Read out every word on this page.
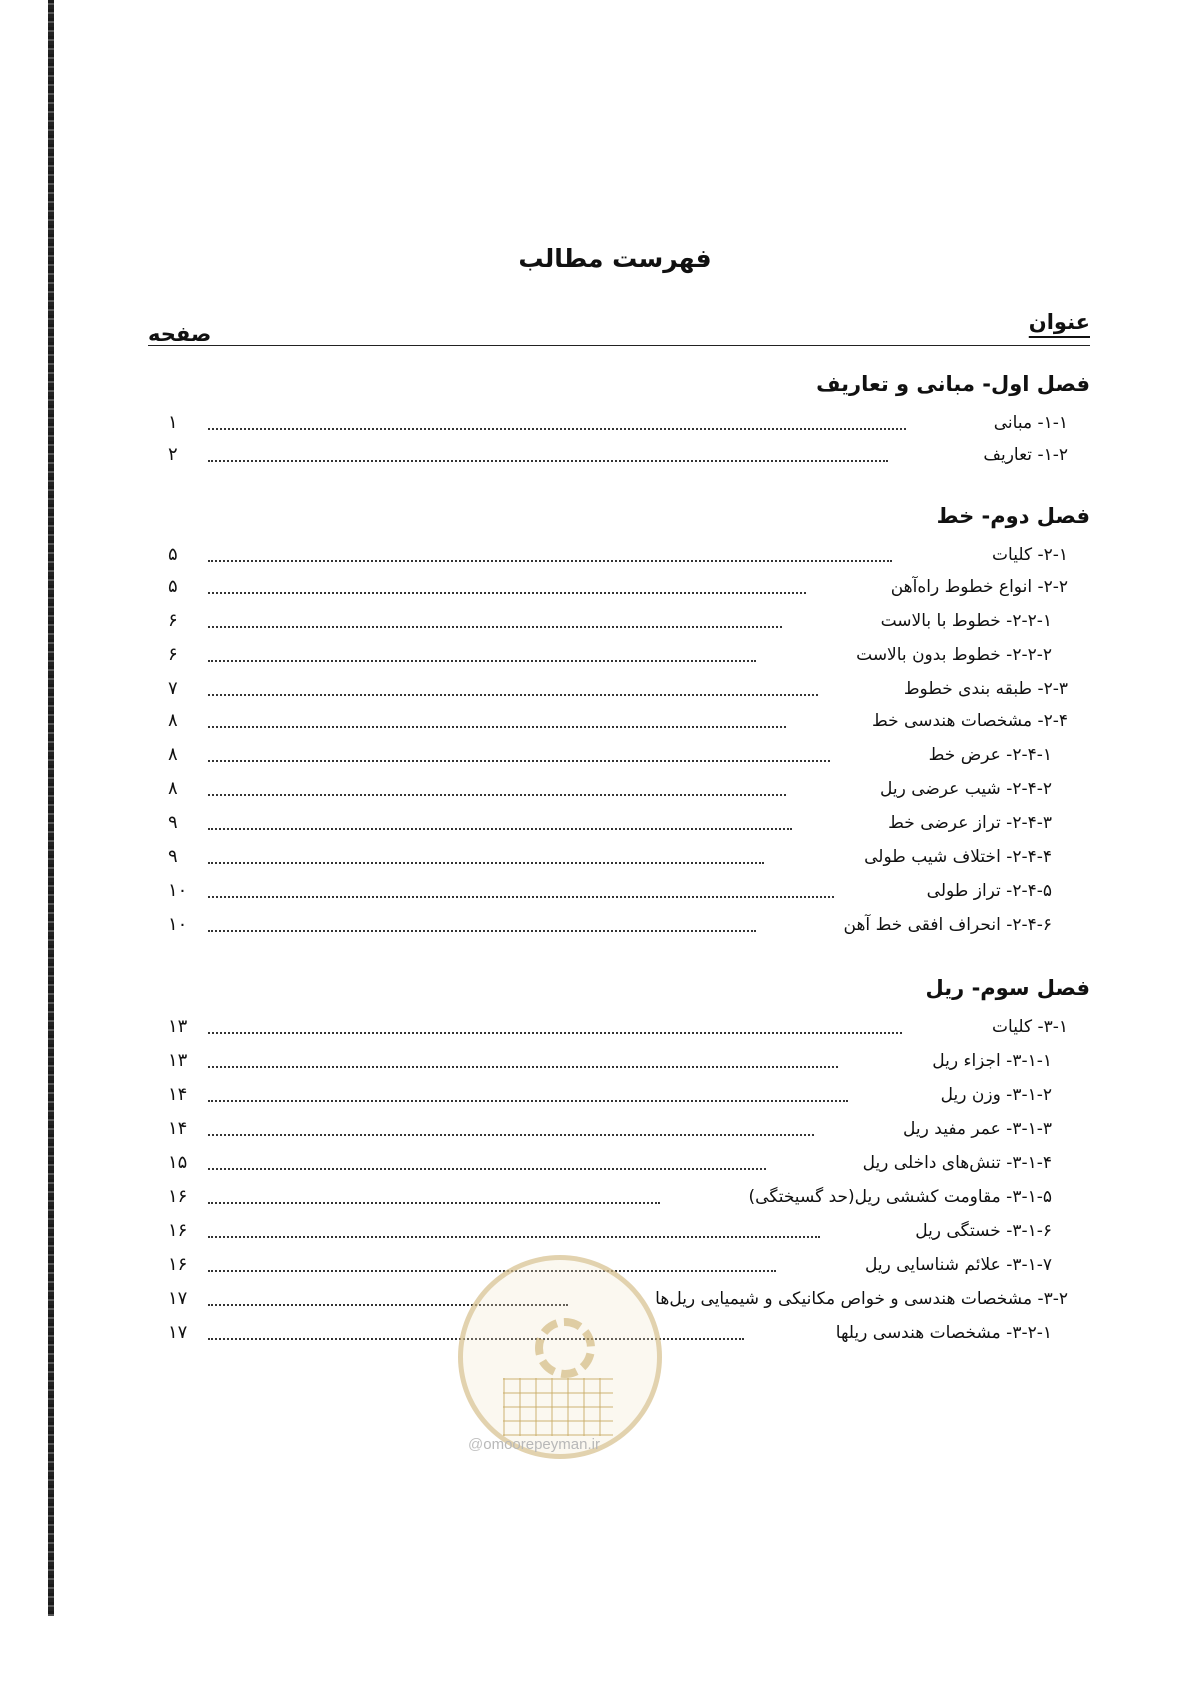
فهرست مطالب
عنوان
صفحه
فصل اول- مبانی و تعاریف
۱	۱-۱- مبانی
۲	۱-۲- تعاریف
فصل دوم- خط
۵	۲-۱- کلیات
۵	۲-۲- انواع خطوط راه‌آهن
۶	۲-۲-۱- خطوط با بالاست
۶	۲-۲-۲- خطوط بدون بالاست
۷	۲-۳- طبقه بندی خطوط
۸	۲-۴- مشخصات هندسی خط
۸	۲-۴-۱- عرض خط
۸	۲-۴-۲- شیب عرضی ریل
۹	۲-۴-۳- تراز عرضی خط
۹	۲-۴-۴- اختلاف شیب طولی
۱۰	۲-۴-۵- تراز طولی
۱۰	۲-۴-۶- انحراف افقی خط آهن
فصل سوم- ریل
۱۳	۳-۱- کلیات
۱۳	۳-۱-۱- اجزاء ریل
۱۴	۳-۱-۲- وزن ریل
۱۴	۳-۱-۳- عمر مفید ریل
۱۵	۳-۱-۴- تنش‌های داخلی ریل
۱۶	۳-۱-۵- مقاومت کششی ریل(حد گسیختگی)
۱۶	۳-۱-۶- خستگی ریل
۱۶	۳-۱-۷- علائم شناسایی ریل
۱۷	۳-۲- مشخصات هندسی و خواص مکانیکی و شیمیایی ریل‌ها
۱۷	۳-۲-۱- مشخصات هندسی ریلها
@omoorepeyman.ir
